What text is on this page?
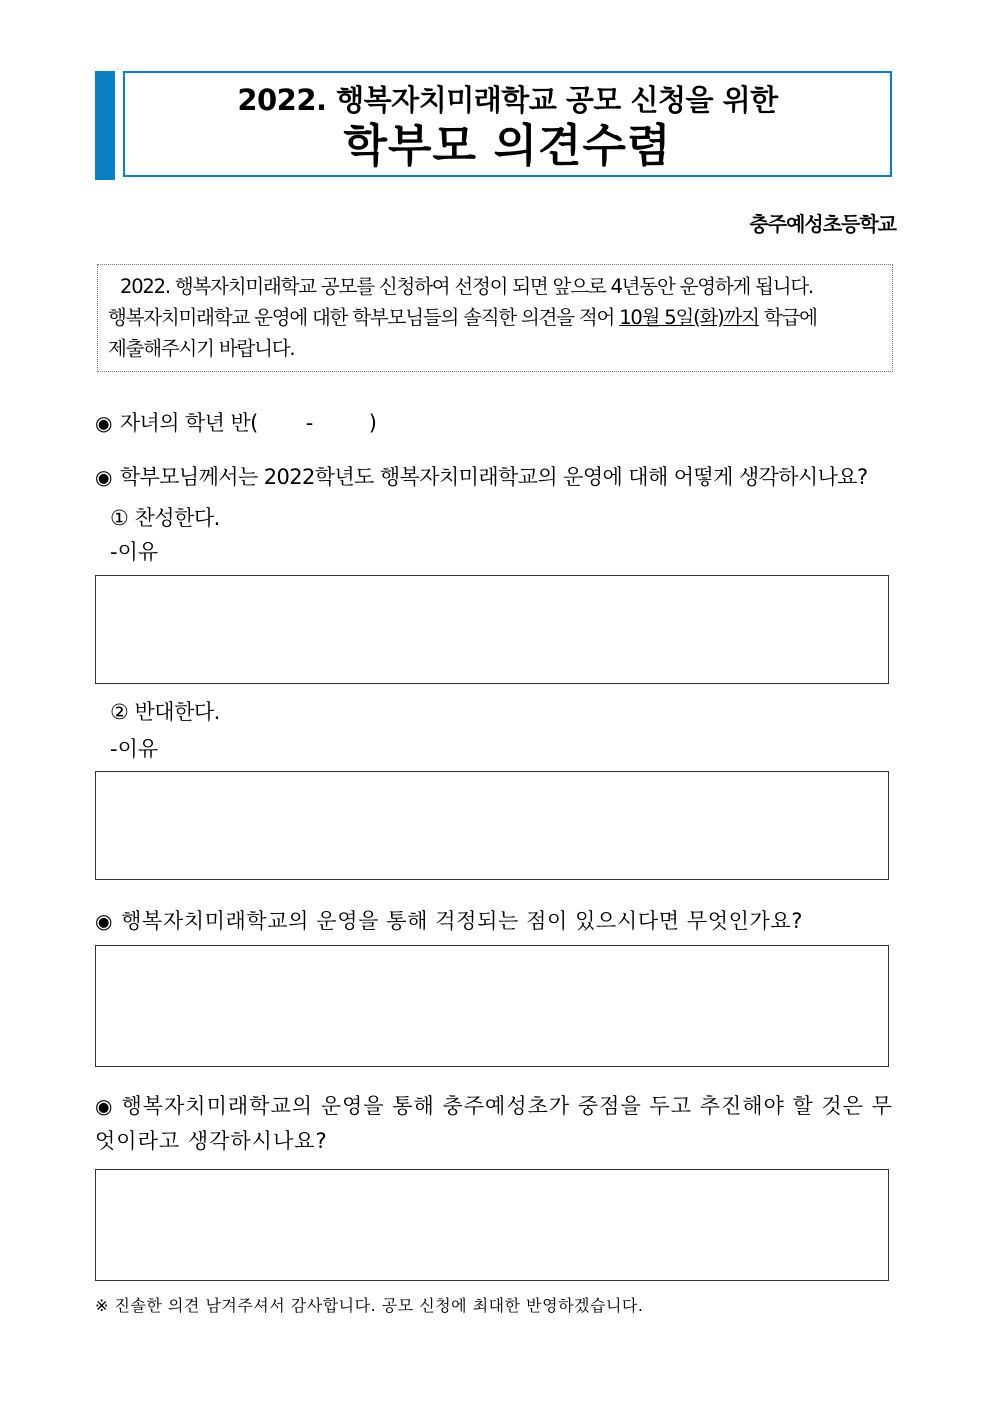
2022. 행복자치미래학교 공모 신청을 위한
학부모 의견수렴
충주예성초등학교
2022. 행복자치미래학교 공모를 신청하여 선정이 되면 앞으로 4년동안 운영하게 됩니다.
행복자치미래학교 운영에 대한 학부모님들의 솔직한 의견을 적어 10월 5일(화)까지 학급에
제출해주시기 바랍니다.
◉ 자녀의 학년 반( -	)
◉ 학부모님께서는 2022학년도 행복자치미래학교의 운영에 대해 어떻게 생각하시나요?
① 찬성한다.
-이유
② 반대한다.
-이유
◉ 행복자치미래학교의 운영을 통해 걱정되는 점이 있으시다면 무엇인가요?
◉ 행복자치미래학교의 운영을 통해 충주예성초가 중점을 두고 추진해야 할 것은 무엇이라고 생각하시나요?
※ 진솔한 의견 남겨주셔서 감사합니다. 공모 신청에 최대한 반영하겠습니다.
